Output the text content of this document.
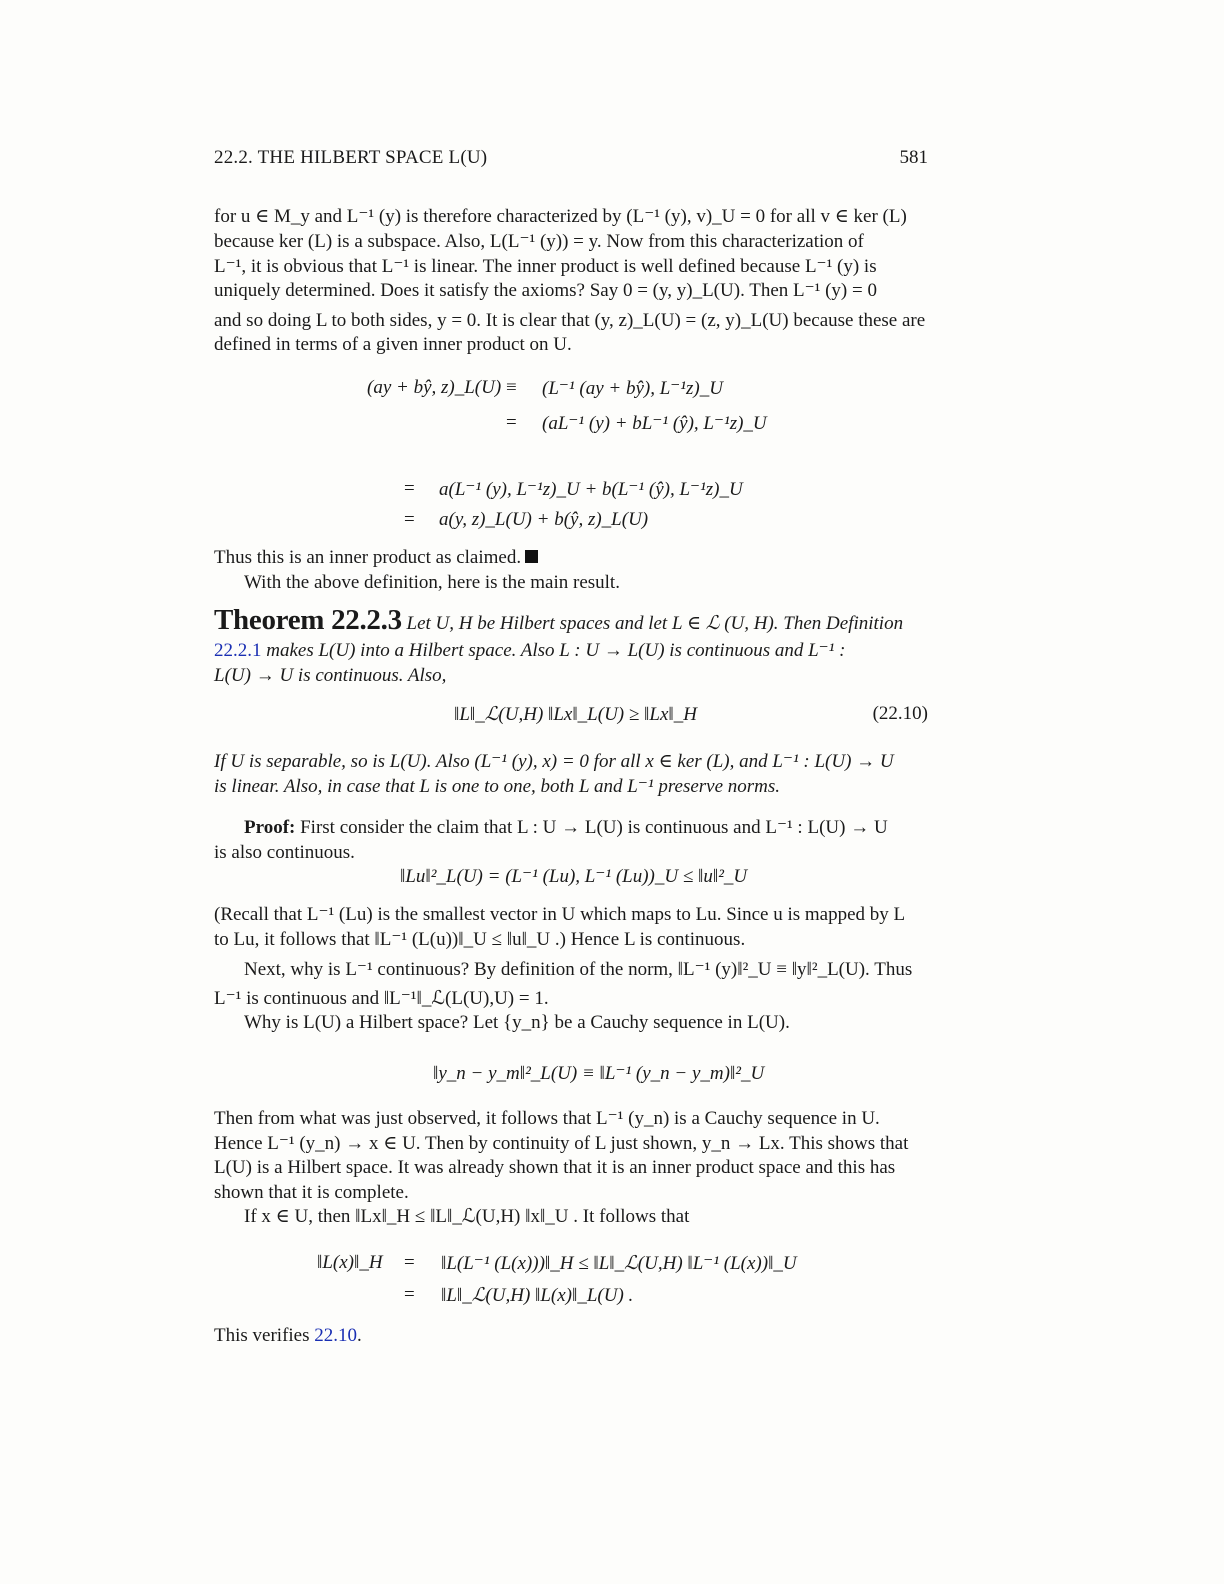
22.2. THE HILBERT SPACE L(U)	581

for u ∈ M_y and L⁻¹ (y) is therefore characterized by (L⁻¹ (y), v)_U = 0 for all v ∈ ker (L)

because ker (L) is a subspace. Also, L(L⁻¹ (y)) = y. Now from this characterization of

L⁻¹, it is obvious that L⁻¹ is linear. The inner product is well defined because L⁻¹ (y) is

uniquely determined. Does it satisfy the axioms? Say 0 = (y, y)_L(U). Then L⁻¹ (y) = 0

and so doing L to both sides, y = 0. It is clear that (y, z)_L(U) = (z, y)_L(U) because these are

defined in terms of a given inner product on U.

(ay + bŷ, z)_L(U) ≡ (L⁻¹ (ay + bŷ), L⁻¹z)_U
= (aL⁻¹ (y) + bL⁻¹ (ŷ), L⁻¹z)_U
= a(L⁻¹ (y), L⁻¹z)_U + b(L⁻¹ (ŷ), L⁻¹z)_U
= a(y, z)_L(U) + b(ŷ, z)_L(U)

Thus this is an inner product as claimed.

With the above definition, here is the main result.

Theorem 22.2.3 Let U, H be Hilbert spaces and let L ∈ ℒ (U, H). Then Definition

22.2.1 makes L(U) into a Hilbert space. Also L : U → L(U) is continuous and L⁻¹ :

L(U) → U is continuous. Also,

‖L‖_ℒ(U,H) ‖Lx‖_L(U) ≥ ‖Lx‖_H	(22.10)

If U is separable, so is L(U). Also (L⁻¹ (y), x) = 0 for all x ∈ ker (L), and L⁻¹ : L(U) → U

is linear. Also, in case that L is one to one, both L and L⁻¹ preserve norms.

Proof: First consider the claim that L : U → L(U) is continuous and L⁻¹ : L(U) → U

is also continuous.

‖Lu‖²_L(U) = (L⁻¹ (Lu), L⁻¹ (Lu))_U ≤ ‖u‖²_U

(Recall that L⁻¹ (Lu) is the smallest vector in U which maps to Lu. Since u is mapped by L

to Lu, it follows that ‖L⁻¹ (L(u))‖_U ≤ ‖u‖_U .) Hence L is continuous.

Next, why is L⁻¹ continuous? By definition of the norm, ‖L⁻¹ (y)‖²_U ≡ ‖y‖²_L(U). Thus

L⁻¹ is continuous and ‖L⁻¹‖_ℒ(L(U),U) = 1.

Why is L(U) a Hilbert space? Let {y_n} be a Cauchy sequence in L(U).

‖y_n − y_m‖²_L(U) ≡ ‖L⁻¹ (y_n − y_m)‖²_U

Then from what was just observed, it follows that L⁻¹ (y_n) is a Cauchy sequence in U.

Hence L⁻¹ (y_n) → x ∈ U. Then by continuity of L just shown, y_n → Lx. This shows that

L(U) is a Hilbert space. It was already shown that it is an inner product space and this has

shown that it is complete.

If x ∈ U, then ‖Lx‖_H ≤ ‖L‖_ℒ(U,H) ‖x‖_U . It follows that

‖L(x)‖_H = ‖L(L⁻¹ (L(x)))‖_H ≤ ‖L‖_ℒ(U,H) ‖L⁻¹ (L(x))‖_U
= ‖L‖_ℒ(U,H) ‖L(x)‖_L(U) .

This verifies 22.10.
